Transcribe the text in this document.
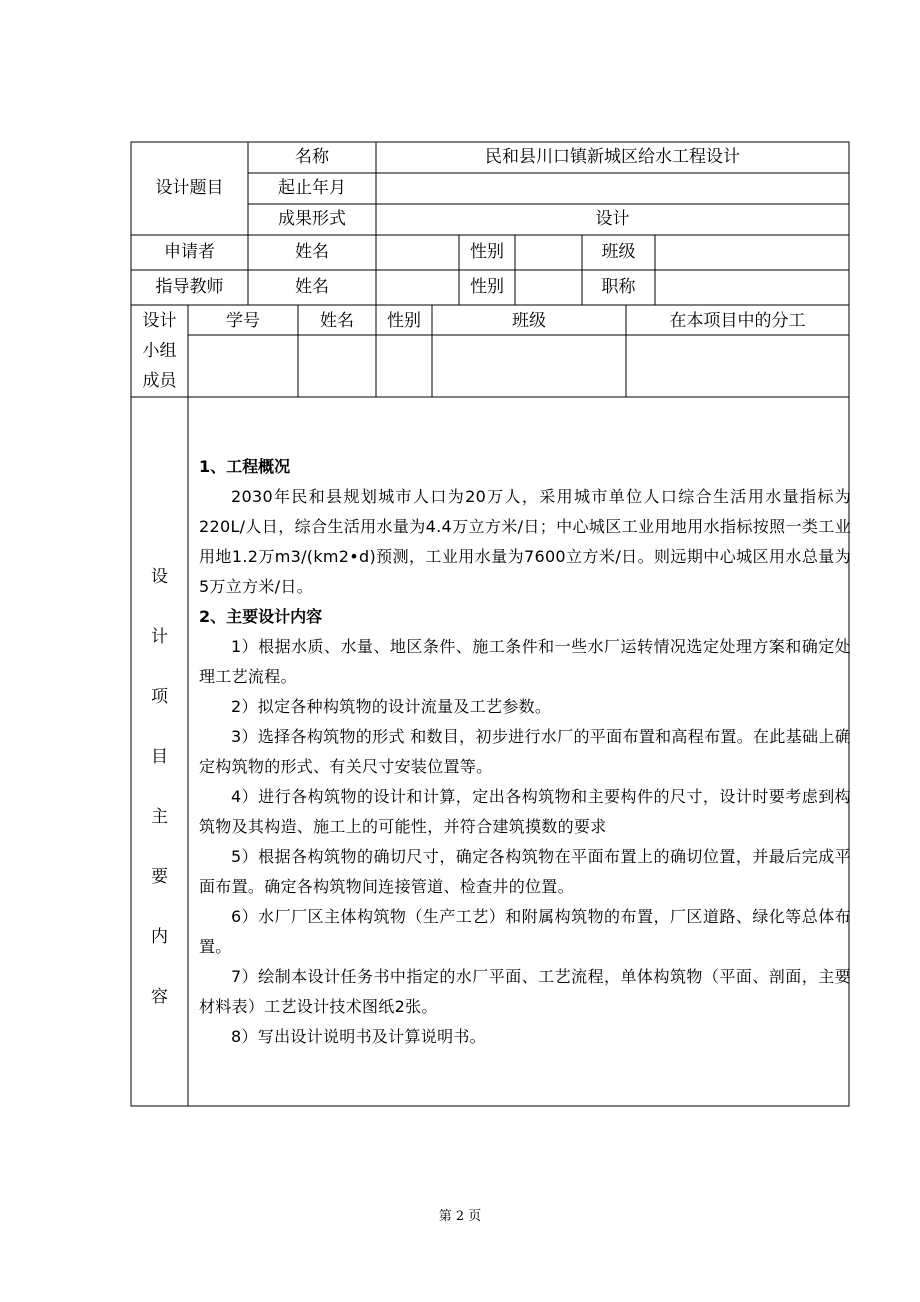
设计题目
名称	民和县川口镇新城区给水工程设计
起止年月
成果形式	设计
申请者	姓名	性别	班级
指导教师	姓名	性别	职称
设计
小组
成员
学号	姓名	性别	班级	在本项目中的分工
设
计
项
目
主
要
内
容
1、工程概况

2030年民和县规划城市人口为20万人，采用城市单位人口综合生活用水量指标为220L/人日，综合生活用水量为4.4万立方米/日；中心城区工业用地用水指标按照一类工业用地1.2万m3/(km2•d)预测，工业用水量为7600立方米/日。则远期中心城区用水总量为5万立方米/日。

2、主要设计内容

1）根据水质、水量、地区条件、施工条件和一些水厂运转情况选定处理方案和确定处理工艺流程。

2）拟定各种构筑物的设计流量及工艺参数。

3）选择各构筑物的形式 和数目，初步进行水厂的平面布置和高程布置。在此基础上确定构筑物的形式、有关尺寸安装位置等。

4）进行各构筑物的设计和计算，定出各构筑物和主要构件的尺寸，设计时要考虑到构筑物及其构造、施工上的可能性，并符合建筑摸数的要求

5）根据各构筑物的确切尺寸，确定各构筑物在平面布置上的确切位置，并最后完成平面布置。确定各构筑物间连接管道、检查井的位置。

6）水厂厂区主体构筑物（生产工艺）和附属构筑物的布置，厂区道路、绿化等总体布置。

7）绘制本设计任务书中指定的水厂平面、工艺流程，单体构筑物（平面、剖面，主要材料表）工艺设计技术图纸2张。

8）写出设计说明书及计算说明书。

第 2 页
